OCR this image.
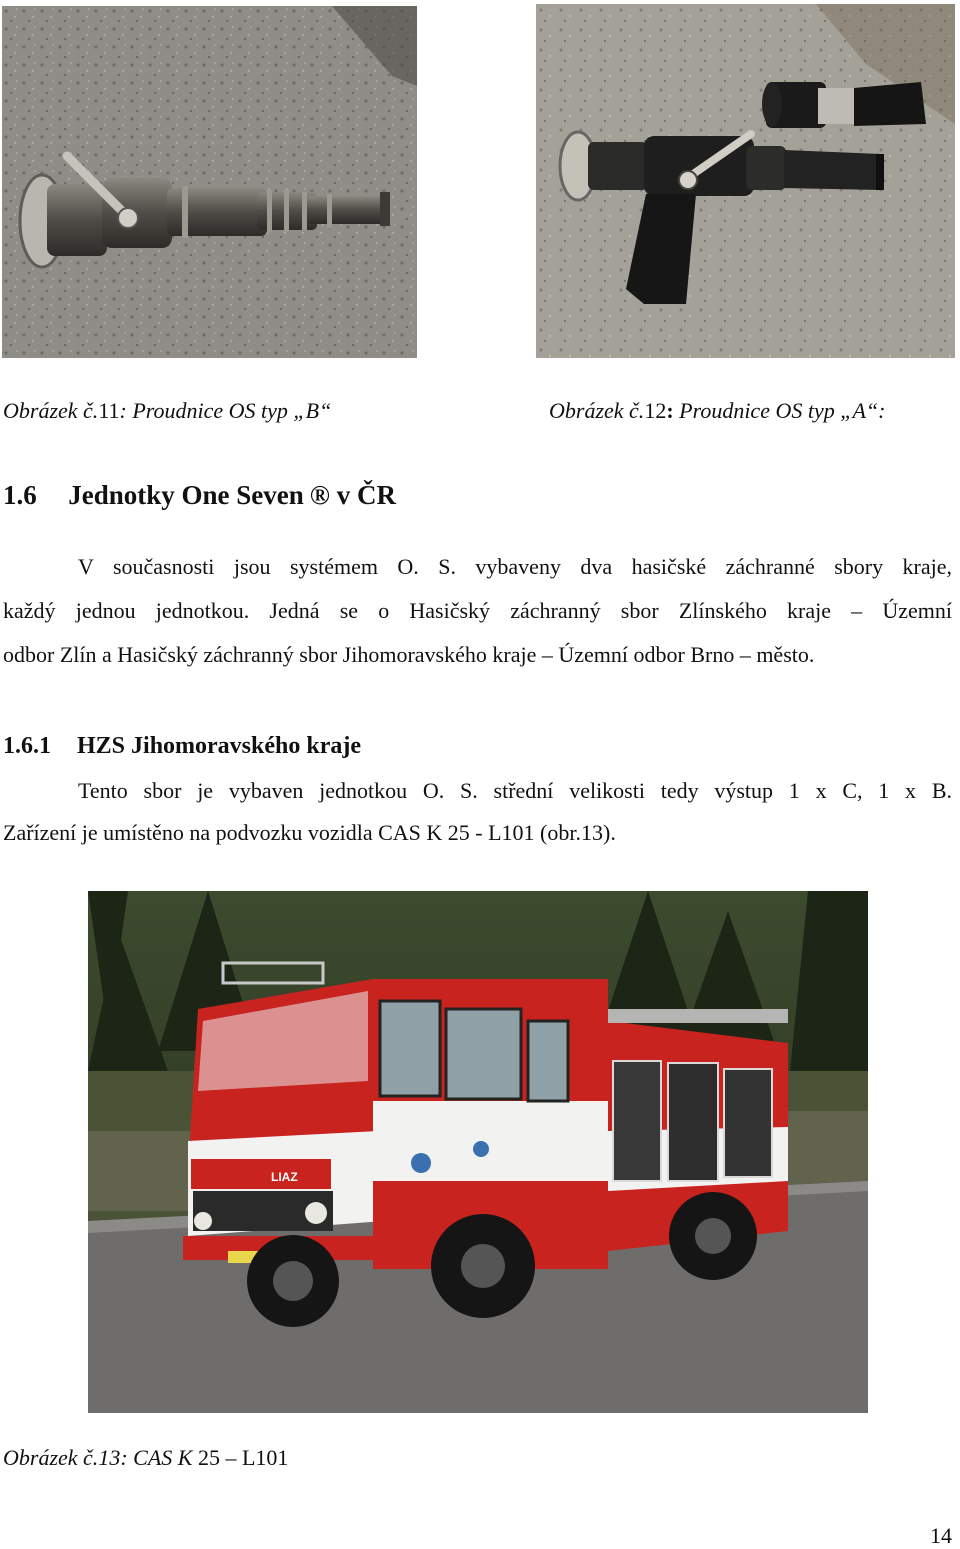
Obrázek č.11: Proudnice OS typ „B“	Obrázek č.12: Proudnice OS typ „A“:
1.6 Jednotky One Seven ® v ČR
V současnosti jsou systémem O. S. vybaveny dva hasičské záchranné sbory kraje,
každý jednou jednotkou. Jedná se o Hasičský záchranný sbor Zlínského kraje – Územní
odbor Zlín a Hasičský záchranný sbor Jihomoravského kraje – Územní odbor Brno – město.
1.6.1 HZS Jihomoravského kraje
Tento sbor je vybaven jednotkou O. S. střední velikosti tedy výstup 1 x C, 1 x B.
Zařízení je umístěno na podvozku vozidla CAS K 25 - L101 (obr.13).
LIAZ
Obrázek č.13: CAS K 25 – L101
14
